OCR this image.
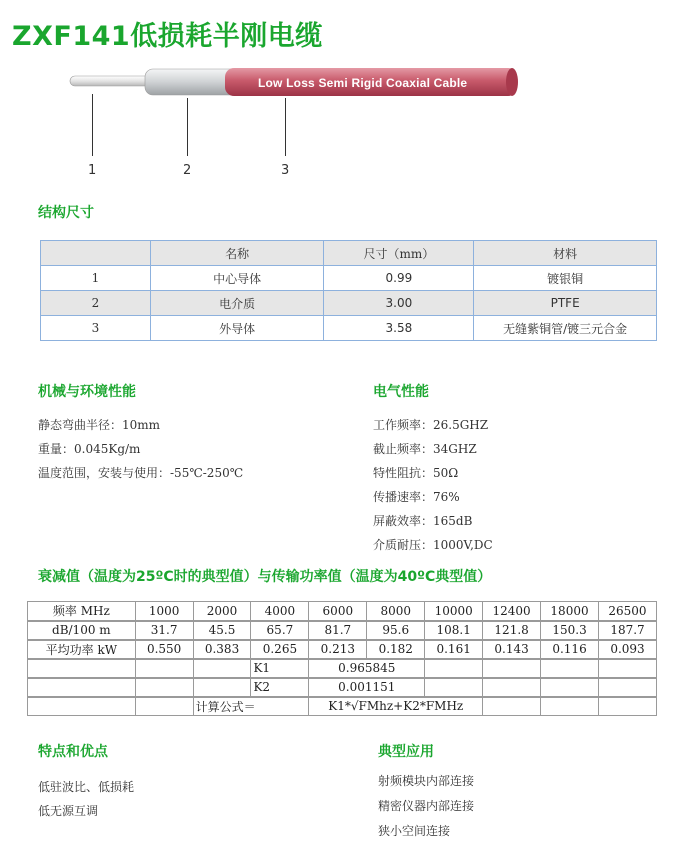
ZXF141低损耗半刚电缆
Low Loss Semi Rigid Coaxial Cable
1	2	3
结构尺寸
	名称	尺寸（mm）	材料
1	中心导体	0.99	镀银铜
2	电介质	3.00	PTFE
3	外导体	3.58	无缝紫铜管/镀三元合金
机械与环境性能
静态弯曲半径：10mm
重量：0.045Kg/m
温度范围，安装与使用：-55℃-250℃
电气性能
工作频率：26.5GHZ
截止频率：34GHZ
特性阻抗：50Ω
传播速率：76%
屏蔽效率：165dB
介质耐压：1000V,DC
衰减值（温度为25ºC时的典型值）与传输功率值（温度为40ºC典型值）
频率 MHz	1000	2000	4000	6000	8000	10000	12400	18000	26500
dB/100 m	31.7	45.5	65.7	81.7	95.6	108.1	121.8	150.3	187.7
平均功率 kW	0.550	0.383	0.265	0.213	0.182	0.161	0.143	0.116	0.093
			K1	0.965845					
			K2	0.001151					
		计算公式＝		K1*√FMhz+K2*FMHz					
特点和优点
低驻波比、低损耗
低无源互调
典型应用
射频模块内部连接
精密仪器内部连接
狭小空间连接
